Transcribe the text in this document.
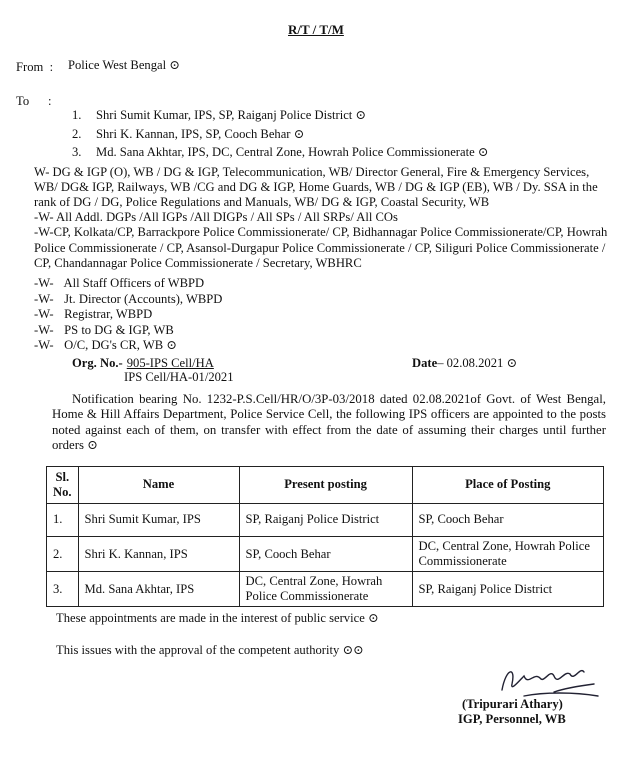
R/T / T/M
From : Police West Bengal ⊙
To :
1. Shri Sumit Kumar, IPS, SP, Raiganj Police District ⊙
2. Shri K. Kannan, IPS, SP, Cooch Behar ⊙
3. Md. Sana Akhtar, IPS, DC, Central Zone, Howrah Police Commissionerate ⊙
W- DG & IGP (O), WB / DG & IGP, Telecommunication, WB/ Director General, Fire & Emergency Services, WB/ DG& IGP, Railways, WB /CG and DG & IGP, Home Guards, WB / DG & IGP (EB), WB / Dy. SSA in the rank of DG / DG, Police Regulations and Manuals, WB/ DG & IGP, Coastal Security, WB
-W- All Addl. DGPs /All IGPs /All DIGPs / All SPs / All SRPs/ All COs
-W-CP, Kolkata/CP, Barrackpore Police Commissionerate/ CP, Bidhannagar Police Commissionerate/CP, Howrah Police Commissionerate / CP, Asansol-Durgapur Police Commissionerate / CP, Siliguri Police Commissionerate / CP, Chandannagar Police Commissionerate / Secretary, WBHRC
-W- All Staff Officers of WBPD
-W- Jt. Director (Accounts), WBPD
-W- Registrar, WBPD
-W- PS to DG & IGP, WB
-W- O/C, DG's CR, WB ⊙
Org. No.- 905-IPS Cell/HA
IPS Cell/HA-01/2021
Date– 02.08.2021 ⊙
Notification bearing No. 1232-P.S.Cell/HR/O/3P-03/2018 dated 02.08.2021of Govt. of West Bengal, Home & Hill Affairs Department, Police Service Cell, the following IPS officers are appointed to the posts noted against each of them, on transfer with effect from the date of assuming their charges until further orders ⊙
Sl. No.	Name	Present posting	Place of Posting
1.	Shri Sumit Kumar, IPS	SP, Raiganj Police District	SP, Cooch Behar
2.	Shri K. Kannan, IPS	SP, Cooch Behar	DC, Central Zone, Howrah Police Commissionerate
3.	Md. Sana Akhtar, IPS	DC, Central Zone, Howrah Police Commissionerate	SP, Raiganj Police District
These appointments are made in the interest of public service ⊙
This issues with the approval of the competent authority ⊙⊙
(Tripurari Athary)
IGP, Personnel, WB
